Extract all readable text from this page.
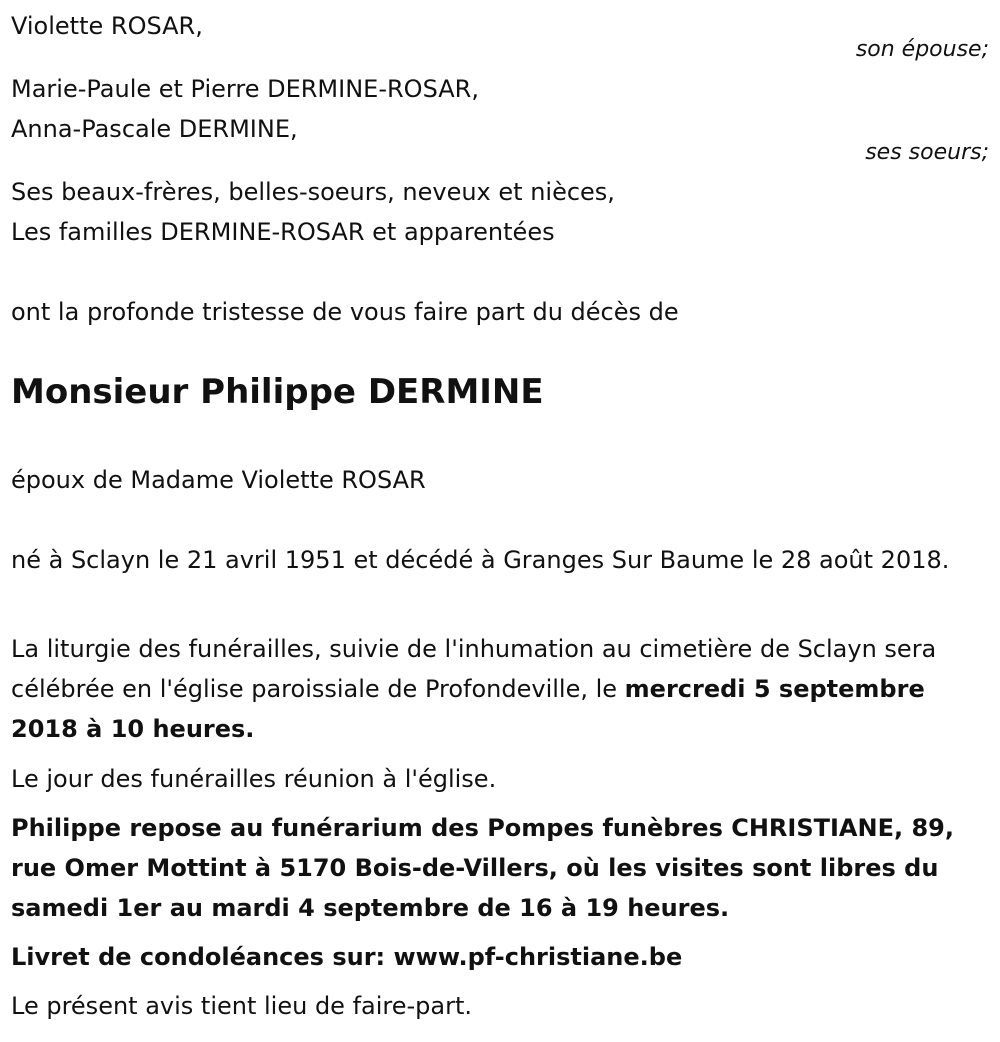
Violette ROSAR,

son épouse;

Marie-Paule et Pierre DERMINE-ROSAR,

Anna-Pascale DERMINE,

ses soeurs;

Ses beaux-frères, belles-soeurs, neveux et nièces,

Les familles DERMINE-ROSAR et apparentées

ont la profonde tristesse de vous faire part du décès de

Monsieur Philippe DERMINE

époux de Madame Violette ROSAR

né à Sclayn le 21 avril 1951 et décédé à Granges Sur Baume le 28 août 2018.

La liturgie des funérailles, suivie de l'inhumation au cimetière de Sclayn sera célébrée en l'église paroissiale de Profondeville, le mercredi 5 septembre 2018 à 10 heures.

Le jour des funérailles réunion à l'église.

Philippe repose au funérarium des Pompes funèbres CHRISTIANE, 89, rue Omer Mottint à 5170 Bois-de-Villers, où les visites sont libres du samedi 1er au mardi 4 septembre de 16 à 19 heures.

Livret de condoléances sur: www.pf-christiane.be

Le présent avis tient lieu de faire-part.
